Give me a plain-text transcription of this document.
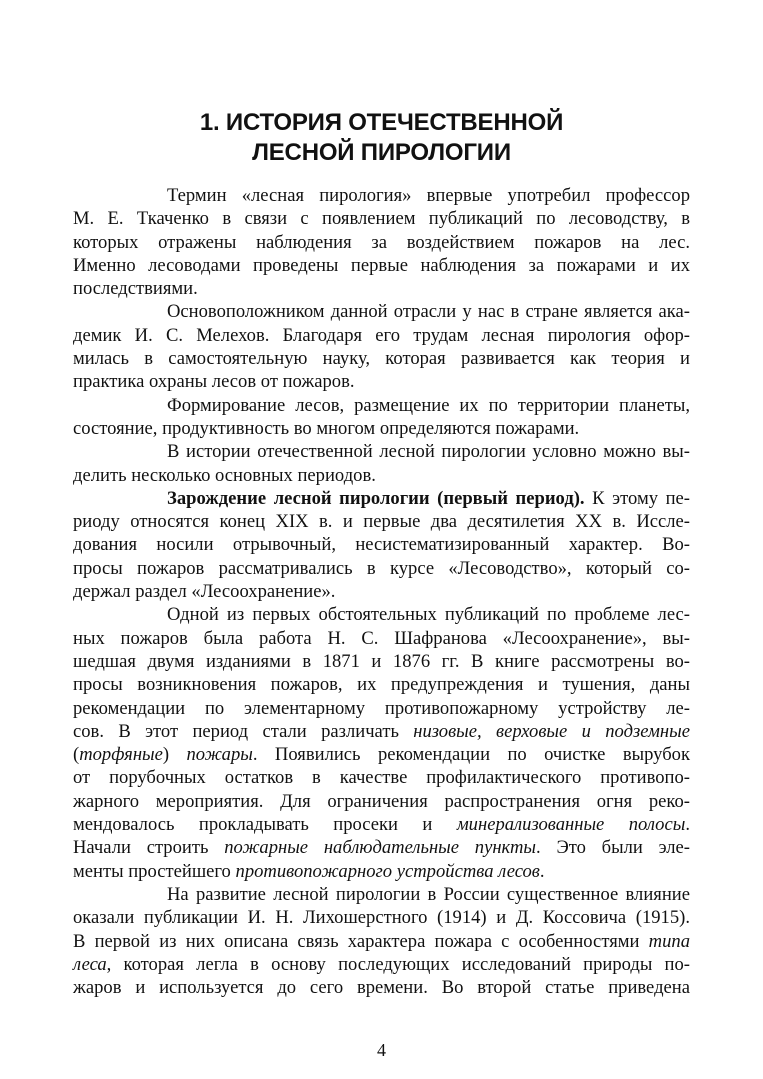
1. ИСТОРИЯ ОТЕЧЕСТВЕННОЙ
ЛЕСНОЙ ПИРОЛОГИИ
Термин «лесная пирология» впервые употребил профессор
М. Е. Ткаченко в связи с появлением публикаций по лесоводству, в
которых отражены наблюдения за воздействием пожаров на лес.
Именно лесоводами проведены первые наблюдения за пожарами и их
последствиями.
Основоположником данной отрасли у нас в стране является ака-
демик И. С. Мелехов. Благодаря его трудам лесная пирология офор-
милась в самостоятельную науку, которая развивается как теория и
практика охраны лесов от пожаров.
Формирование лесов, размещение их по территории планеты,
состояние, продуктивность во многом определяются пожарами.
В истории отечественной лесной пирологии условно можно вы-
делить несколько основных периодов.
Зарождение лесной пирологии (первый период). К этому пе-
риоду относятся конец XIX в. и первые два десятилетия XX в. Иссле-
дования носили отрывочный, несистематизированный характер. Во-
просы пожаров рассматривались в курсе «Лесоводство», который со-
держал раздел «Лесоохранение».
Одной из первых обстоятельных публикаций по проблеме лес-
ных пожаров была работа Н. С. Шафранова «Лесоохранение», вы-
шедшая двумя изданиями в 1871 и 1876 гг. В книге рассмотрены во-
просы возникновения пожаров, их предупреждения и тушения, даны
рекомендации по элементарному противопожарному устройству ле-
сов. В этот период стали различать низовые, верховые и подземные
(торфяные) пожары. Появились рекомендации по очистке вырубок
от порубочных остатков в качестве профилактического противопо-
жарного мероприятия. Для ограничения распространения огня реко-
мендовалось прокладывать просеки и минерализованные полосы.
Начали строить пожарные наблюдательные пункты. Это были эле-
менты простейшего противопожарного устройства лесов.
На развитие лесной пирологии в России существенное влияние
оказали публикации И. Н. Лихошерстного (1914) и Д. Коссовича (1915).
В первой из них описана связь характера пожара с особенностями типа
леса, которая легла в основу последующих исследований природы по-
жаров и используется до сего времени. Во второй статье приведена
4
